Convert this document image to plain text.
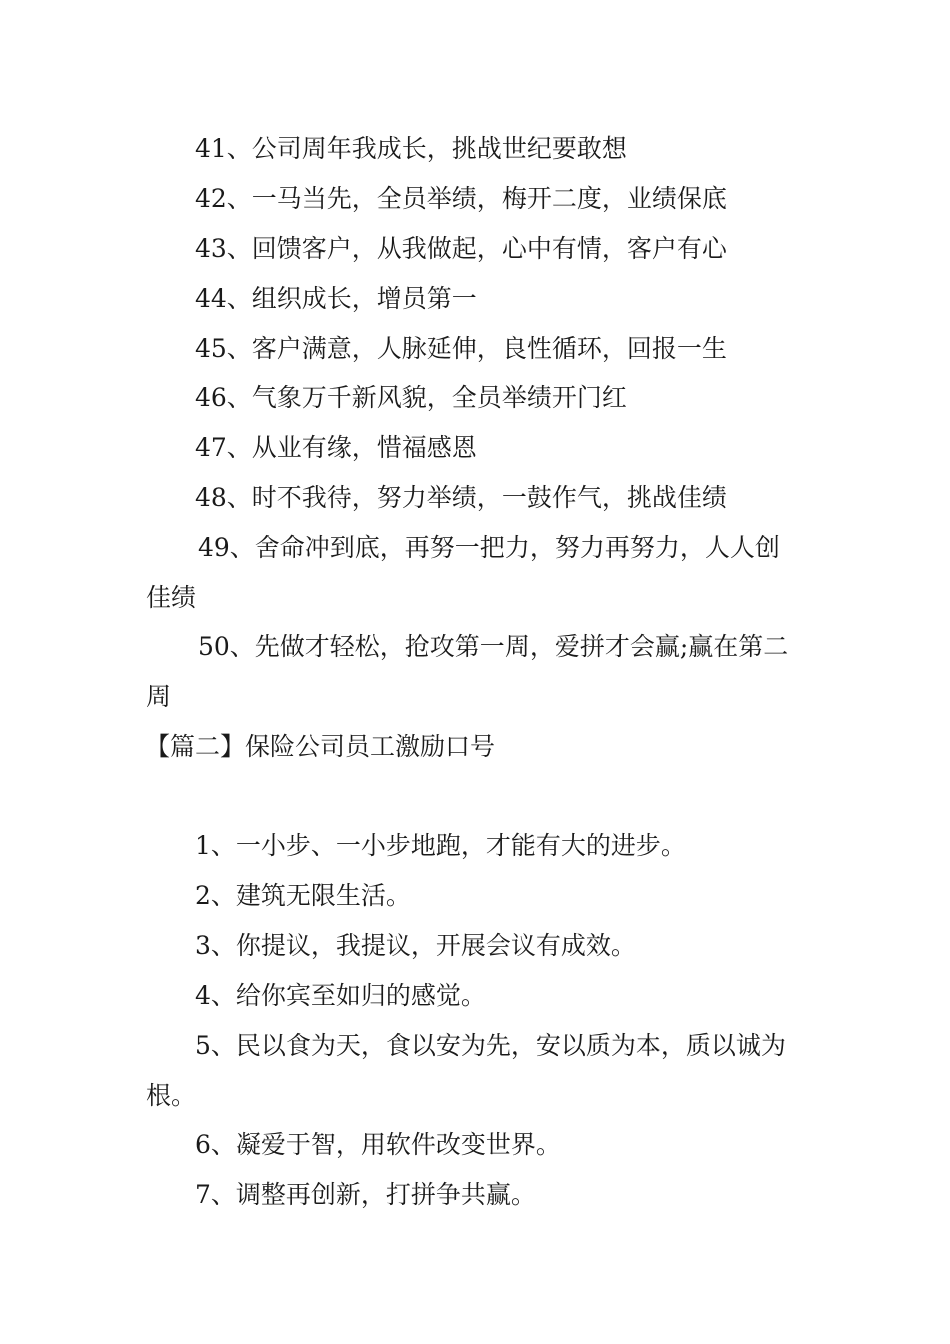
41、公司周年我成长，挑战世纪要敢想
42、一马当先，全员举绩，梅开二度，业绩保底
43、回馈客户，从我做起，心中有情，客户有心
44、组织成长，增员第一
45、客户满意，人脉延伸，良性循环，回报一生
46、气象万千新风貌，全员举绩开门红
47、从业有缘，惜福感恩
48、时不我待，努力举绩，一鼓作气，挑战佳绩
49、舍命冲到底，再努一把力，努力再努力，人人创
佳绩
50、先做才轻松，抢攻第一周，爱拼才会赢;赢在第二
周
【篇二】保险公司员工激励口号
1、一小步、一小步地跑，才能有大的进步。
2、建筑无限生活。
3、你提议，我提议，开展会议有成效。
4、给你宾至如归的感觉。
5、民以食为天，食以安为先，安以质为本，质以诚为
根。
6、凝爱于智，用软件改变世界。
7、调整再创新，打拼争共赢。
